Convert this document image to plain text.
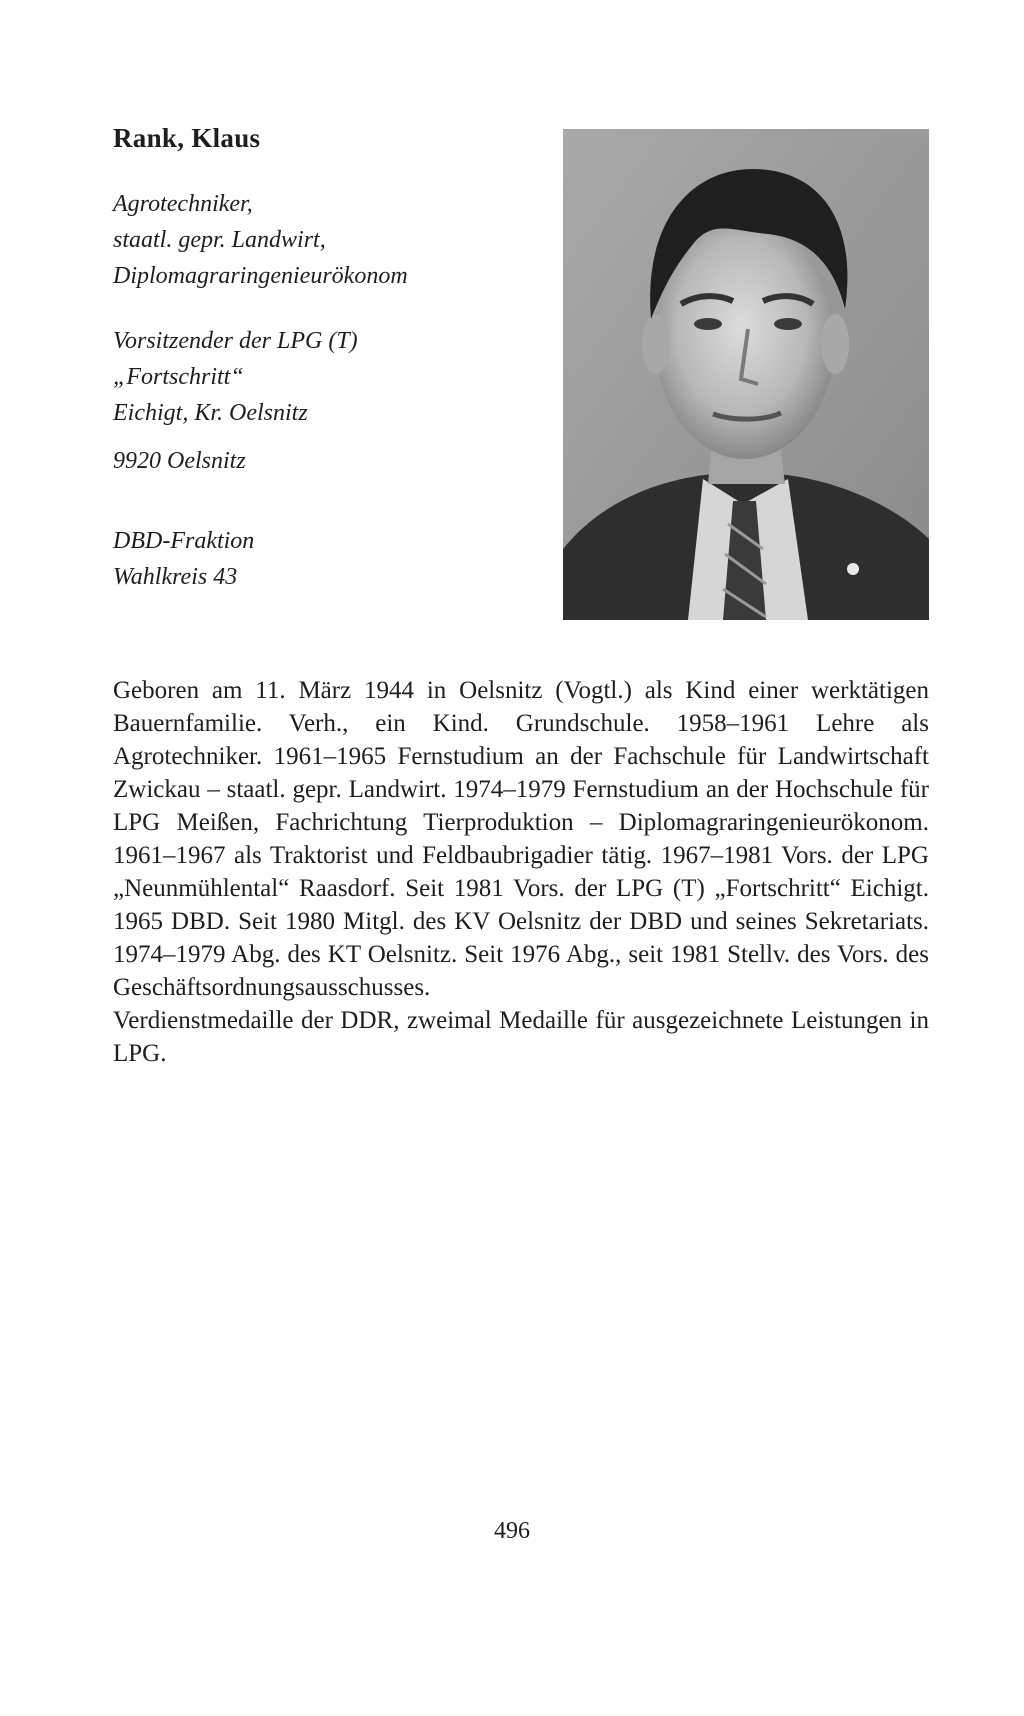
Rank, Klaus

Agrotechniker,
staatl. gepr. Landwirt,
Diplomagraringenieurökonom

Vorsitzender der LPG (T)
„Fortschritt“
Eichigt, Kr. Oelsnitz

9920 Oelsnitz

DBD-Fraktion
Wahlkreis 43

Geboren am 11. März 1944 in Oelsnitz (Vogtl.) als Kind einer werktätigen Bauernfamilie. Verh., ein Kind. Grundschule. 1958–1961 Lehre als Agrotechniker. 1961–1965 Fernstudium an der Fachschule für Landwirtschaft Zwickau – staatl. gepr. Landwirt. 1974–1979 Fernstudium an der Hochschule für LPG Meißen, Fachrichtung Tierproduktion – Diplomagraringenieurökonom. 1961–1967 als Traktorist und Feldbaubrigadier tätig. 1967–1981 Vors. der LPG „Neunmühlental“ Raasdorf. Seit 1981 Vors. der LPG (T) „Fortschritt“ Eichigt. 1965 DBD. Seit 1980 Mitgl. des KV Oelsnitz der DBD und seines Sekretariats. 1974–1979 Abg. des KT Oelsnitz. Seit 1976 Abg., seit 1981 Stellv. des Vors. des Geschäftsordnungsausschusses.

Verdienstmedaille der DDR, zweimal Medaille für ausgezeichnete Leistungen in LPG.

496
